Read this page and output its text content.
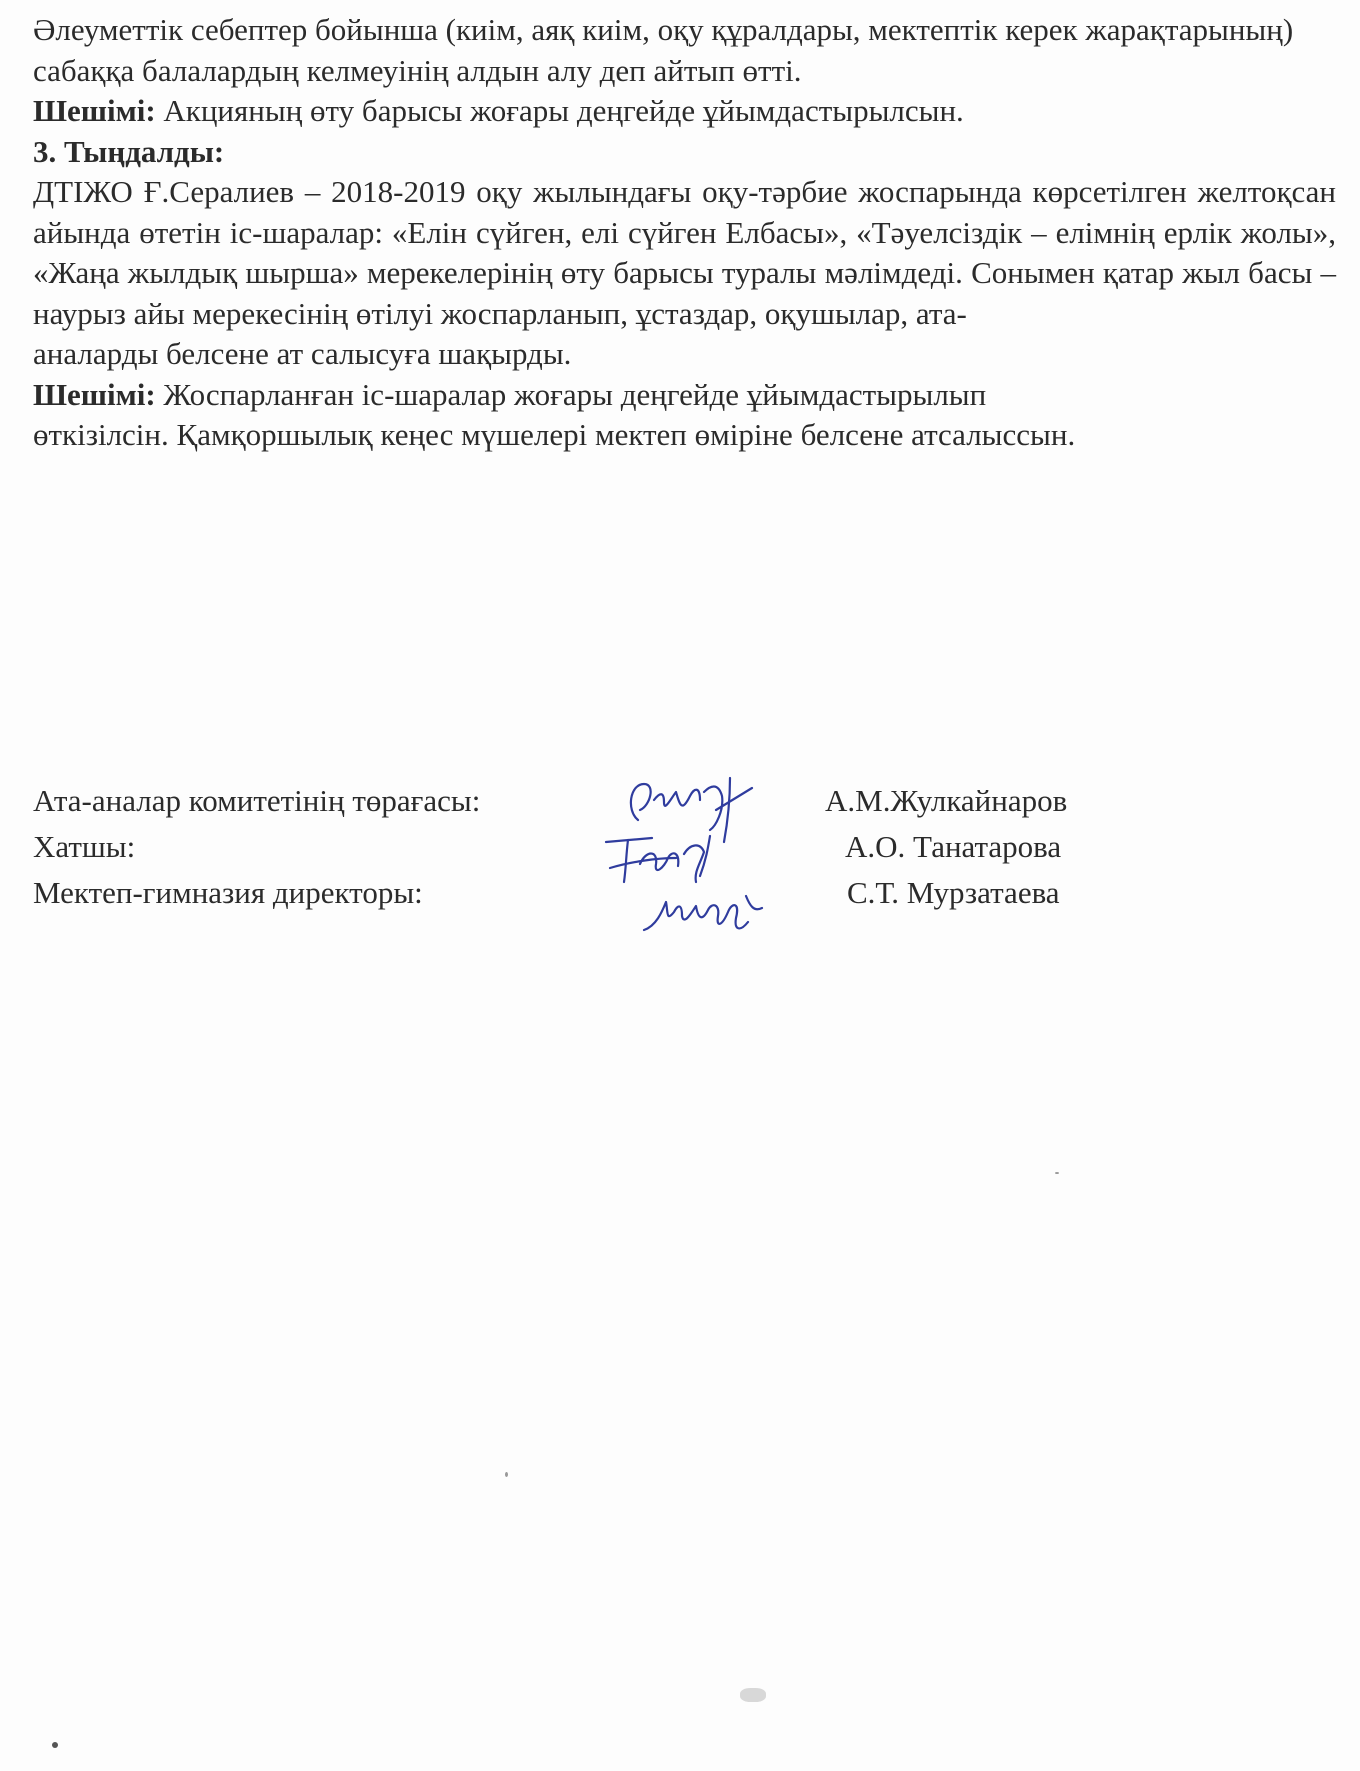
Әлеуметтік себептер бойынша (киім, аяқ киім, оқу құралдары, мектептік керек жарақтарының) сабаққа балалардың келмеуінің алдын алу деп айтып өтті.

Шешімі: Акцияның өту барысы жоғары деңгейде ұйымдастырылсын.

3. Тыңдалды:

ДТІЖО Ғ.Сералиев – 2018-2019 оқу жылындағы оқу-тәрбие жоспарында көрсетілген желтоқсан айында өтетін іс-шаралар: «Елін сүйген, елі сүйген Елбасы», «Тәуелсіздік – елімнің ерлік жолы», «Жаңа жылдық шырша» мерекелерінің өту барысы туралы мәлімдеді. Сонымен қатар жыл басы – наурыз айы мерекесінің өтілуі жоспарланып, ұстаздар, оқушылар, ата-

аналарды белсене ат салысуға шақырды.

Шешімі: Жоспарланған іс-шаралар жоғары деңгейде ұйымдастырылып

өткізілсін. Қамқоршылық кеңес мүшелері мектеп өміріне белсене атсалыссын.

Ата-аналар комитетінің төрағасы:	А.М.Жулкайнаров
Хатшы:	А.О. Танатарова
Мектеп-гимназия директоры:	С.Т. Мурзатаева
